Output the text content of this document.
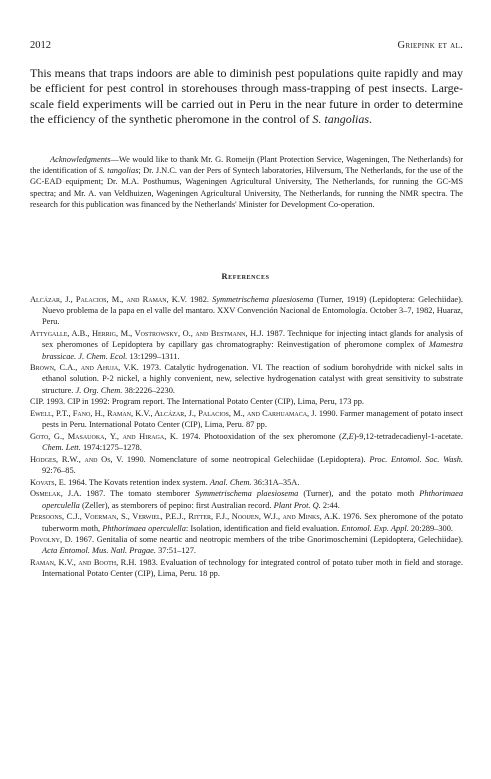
2012	Griepink et al.

This means that traps indoors are able to diminish pest populations quite rapidly and may be efficient for pest control in storehouses through mass-trapping of pest insects. Large-scale field experiments will be carried out in Peru in the near future in order to determine the efficiency of the synthetic pheromone in the control of S. tangolias.

Acknowledgments—We would like to thank Mr. G. Romeijn (Plant Protection Service, Wageningen, The Netherlands) for the identification of S. tangolias; Dr. J.N.C. van der Pers of Syntech laboratories, Hilversum, The Netherlands, for the use of the GC-EAD equipment; Dr. M.A. Posthumus, Wageningen Agricultural University, The Netherlands, for running the GC-MS spectra; and Mr. A. van Veldhuizen, Wageningen Agricultural University, The Netherlands, for running the NMR spectra. The research for this publication was financed by the Netherlands' Minister for Development Co-operation.

References
Alcázar, J., Palacios, M., and Raman, K.V. 1982. Symmetrischema plaesiosema (Turner, 1919) (Lepidoptera: Gelechiidae). Nuevo problema de la papa en el valle del mantaro. XXV Convención Nacional de Entomología. October 3–7, 1982, Huaraz, Peru.
Attygalle, A.B., Herrig, M., Vostrowsky, O., and Bestmann, H.J. 1987. Technique for injecting intact glands for analysis of sex pheromones of Lepidoptera by capillary gas chromatography: Reinvestigation of pheromone complex of Mamestra brassicae. J. Chem. Ecol. 13:1299–1311.
Brown, C.A., and Ahuja, V.K. 1973. Catalytic hydrogenation. VI. The reaction of sodium borohydride with nickel salts in ethanol solution. P-2 nickel, a highly convenient, new, selective hydrogenation catalyst with great sensitivity to substrate structure. J. Org. Chem. 38:2226–2230.
CIP. 1993. CIP in 1992: Program report. The International Potato Center (CIP), Lima, Peru, 173 pp.
Ewell, P.T., Fano, H., Raman, K.V., Alcázar, J., Palacios, M., and Carhuamaca, J. 1990. Farmer management of potato insect pests in Peru. International Potato Center (CIP), Lima, Peru. 87 pp.
Goto, G., Masauoka, Y., and Hiraga, K. 1974. Photooxidation of the sex pheromone (Z,E)-9,12-tetradecadienyl-1-acetate. Chem. Lett. 1974:1275–1278.
Hodges, R.W., and Os, V. 1990. Nomenclature of some neotropical Gelechiidae (Lepidoptera). Proc. Entomol. Soc. Wash. 92:76–85.
Kovats, E. 1964. The Kovats retention index system. Anal. Chem. 36:31A–35A.
Osmelak, J.A. 1987. The tomato stemborer Symmetrischema plaesiosema (Turner), and the potato moth Phthorimaea operculella (Zeller), as stemborers of pepino: first Australian record. Plant Prot. Q. 2:44.
Persoons, C.J., Voerman, S., Verwiel, P.E.J., Ritter, F.J., Nooijen, W.J., and Minks, A.K. 1976. Sex pheromone of the potato tuberworm moth, Phthorimaea operculella: Isolation, identification and field evaluation. Entomol. Exp. Appl. 20:289–300.
Povolny, D. 1967. Genitalia of some neartic and neotropic members of the tribe Gnorimoschemini (Lepidoptera, Gelechiidae). Acta Entomol. Mus. Natl. Pragae. 37:51–127.
Raman, K.V., and Booth, R.H. 1983. Evaluation of technology for integrated control of potato tuber moth in field and storage. International Potato Center (CIP), Lima, Peru. 18 pp.
